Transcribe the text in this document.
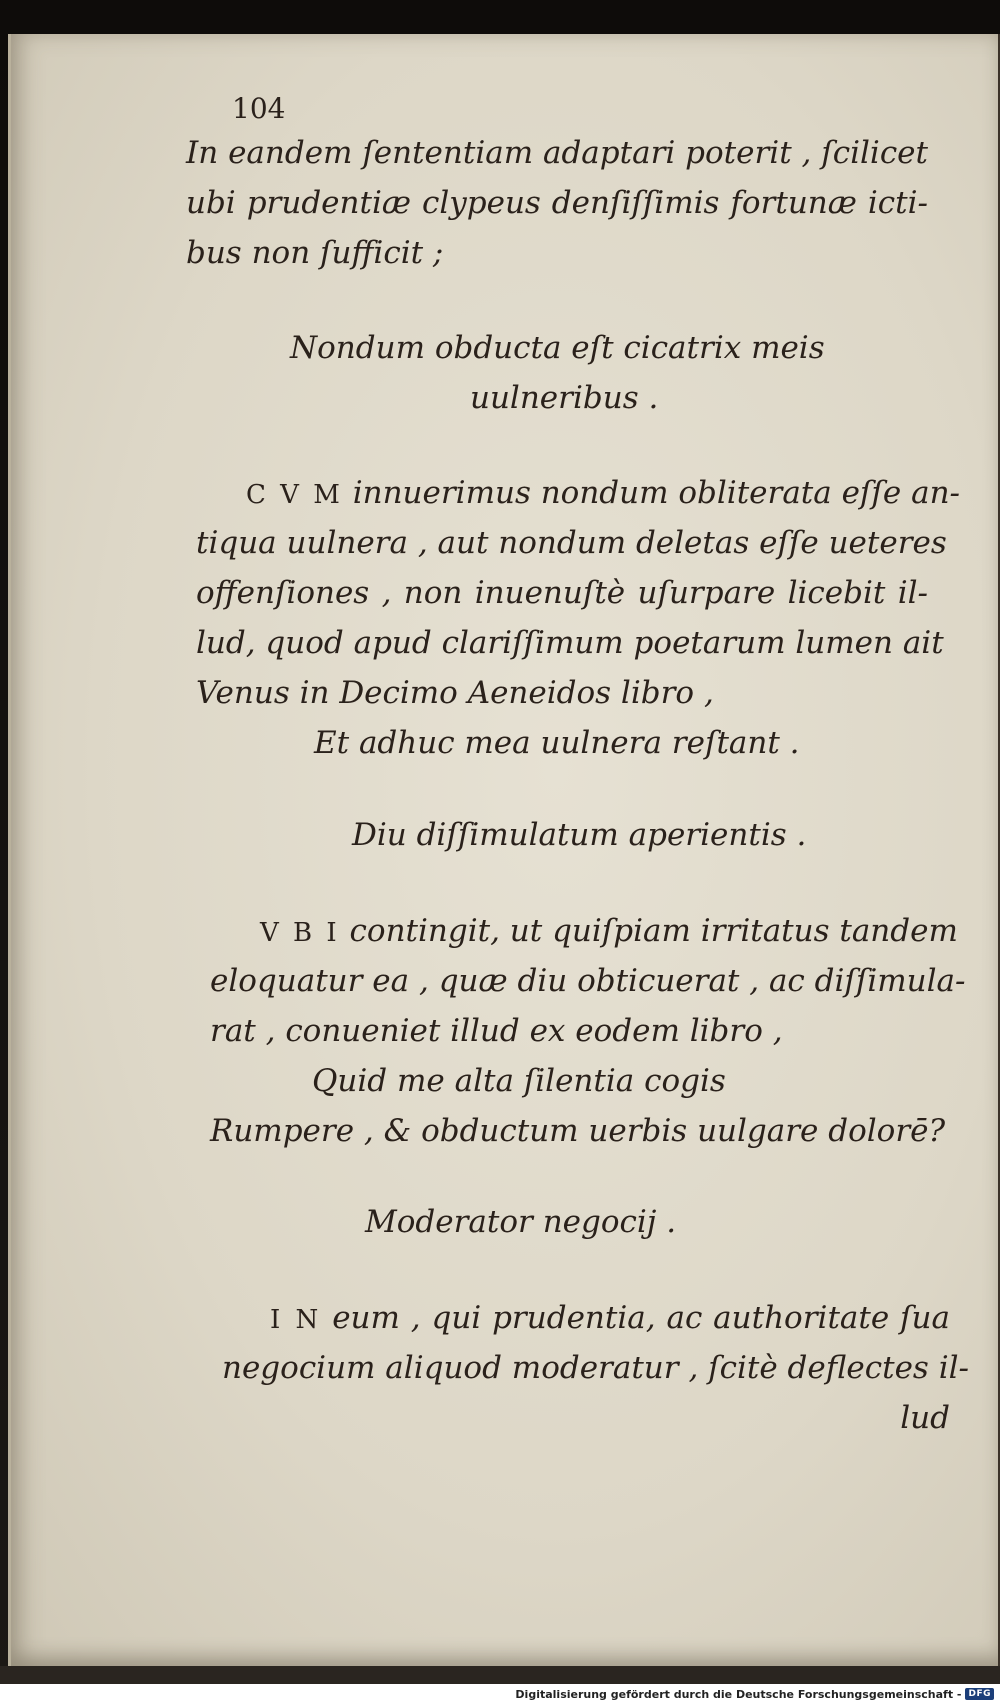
104
In eandem ſententiam adaptari poterit , ſcilicet
ubi prudentiæ clypeus denſiſſimis fortunæ icti-
bus non ſufficit ;
Nondum obducta eſt cicatrix meis
uulneribus .
C V M innuerimus nondum obliterata eſſe an-
tiqua uulnera , aut nondum deletas eſſe ueteres
offenſiones , non inuenuſtè uſurpare licebit il-
lud, quod apud clariſſimum poetarum lumen ait
Venus in Decimo Aeneidos libro ,
Et adhuc mea uulnera reſtant .
Diu diſſimulatum aperientis .
V B I contingit, ut quiſpiam irritatus tandem
eloquatur ea , quæ diu obticuerat , ac diſſimula-
rat , conueniet illud ex eodem libro ,
Quid me alta ſilentia cogis
Rumpere , & obductum uerbis uulgare dolorē?
Moderator negocij .
I N eum , qui prudentia, ac authoritate ſua
negocium aliquod moderatur , ſcitè deflectes il-
lud
Digitalisierung gefördert durch die Deutsche Forschungsgemeinschaft - DFG
